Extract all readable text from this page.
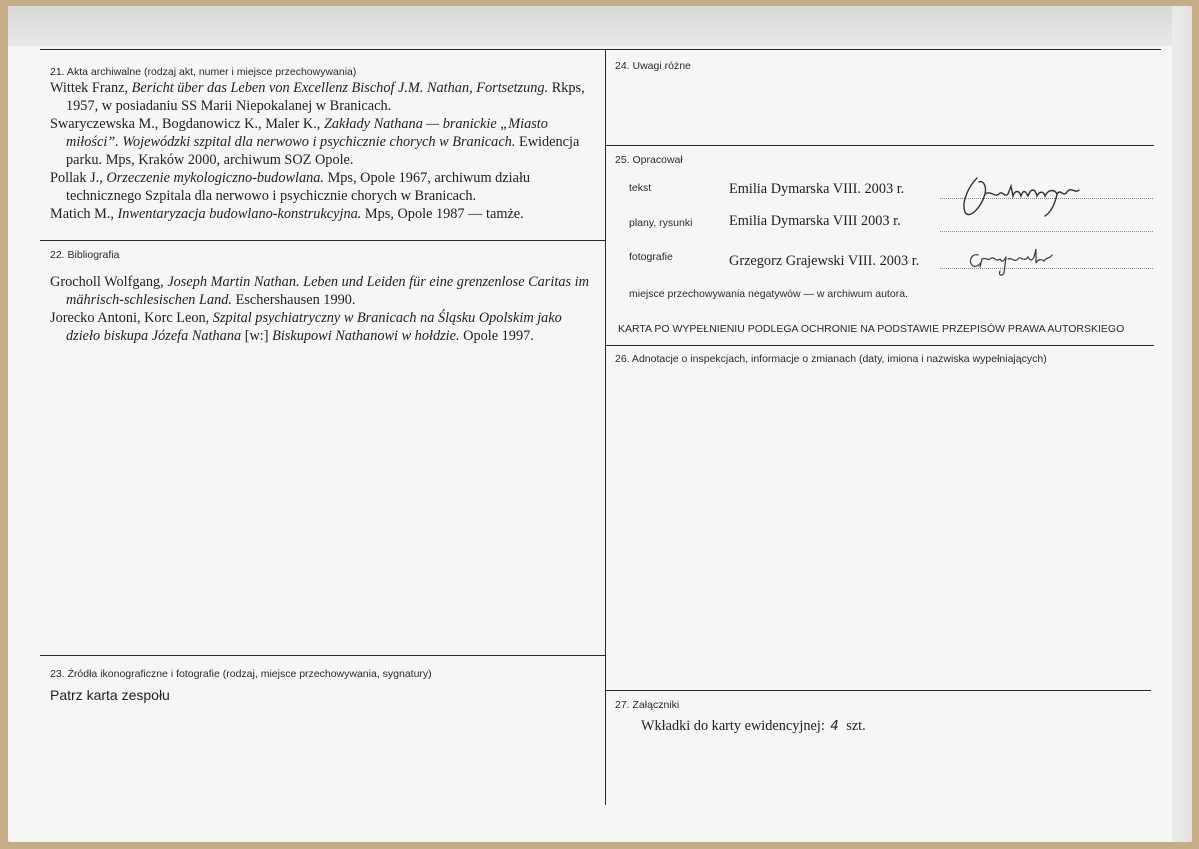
21. Akta archiwalne (rodzaj akt, numer i miejsce przechowywania)

Wittek Franz, Bericht über das Leben von Excellenz Bischof J.M. Nathan, Fortsetzung. Rkps, 1957, w posiadaniu SS Marii Niepokalanej w Branicach.

Swaryczewska M., Bogdanowicz K., Maler K., Zakłady Nathana — branickie „Miasto miłości”. Wojewódzki szpital dla nerwowo i psychicznie chorych w Branicach. Ewidencja parku. Mps, Kraków 2000, archiwum SOZ Opole.

Pollak J., Orzeczenie mykologiczno-budowlana. Mps, Opole 1967, archiwum działu technicznego Szpitala dla nerwowo i psychicznie chorych w Branicach.

Matich M., Inwentaryzacja budowlano-konstrukcyjna. Mps, Opole 1987 — tamże.

22. Bibliografia

Grocholl Wolfgang, Joseph Martin Nathan. Leben und Leiden für eine grenzenlose Caritas im mährisch-schlesischen Land. Eschershausen 1990.

Jorecko Antoni, Korc Leon, Szpital psychiatryczny w Branicach na Śląsku Opolskim jako dzieło biskupa Józefa Nathana [w:] Biskupowi Nathanowi w hołdzie. Opole 1997.

23. Źródła ikonograficzne i fotografie (rodzaj, miejsce przechowywania, sygnatury)
Patrz karta zespołu
24. Uwagi różne
25. Opracował
tekst	Emilia Dymarska VIII. 2003 r.
plany, rysunki	Emilia Dymarska VIII 2003 r.
fotografie	Grzegorz Grajewski VIII. 2003 r.
miejsce przechowywania negatywów — w archiwum autora.
KARTA PO WYPEŁNIENIU PODLEGA OCHRONIE NA PODSTAWIE PRZEPISÓW PRAWA AUTORSKIEGO
26. Adnotacje o inspekcjach, informacje o zmianach (daty, imiona i nazwiska wypełniających)
27. Załączniki
Wkładki do karty ewidencyjnej: 4 szt.
